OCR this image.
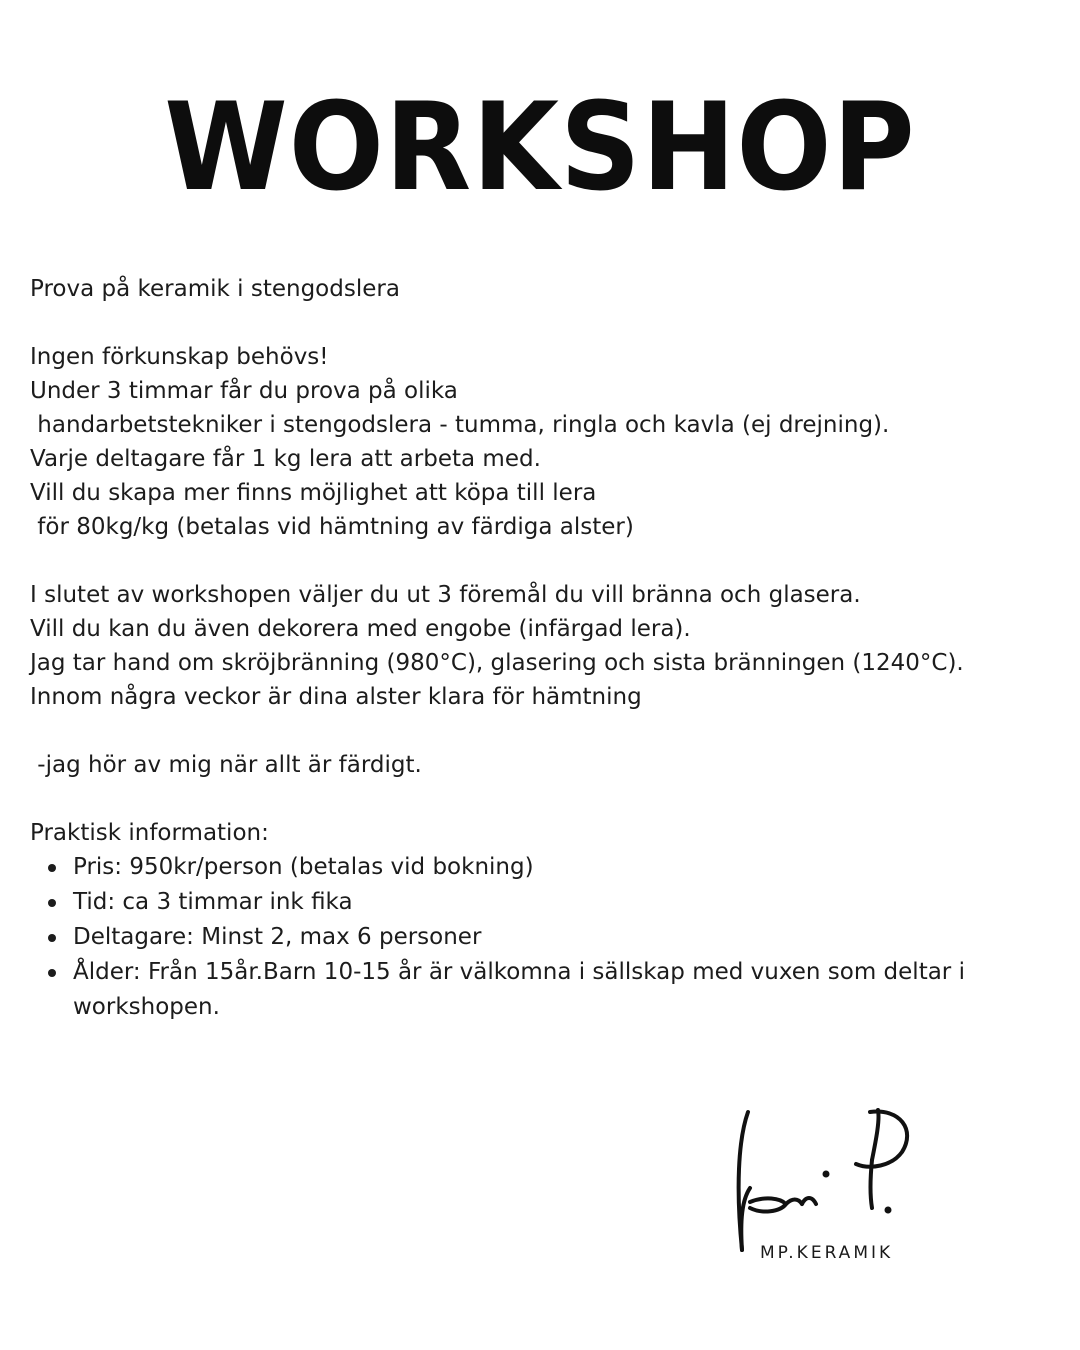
WORKSHOP
Prova på keramik i stengodslera
Ingen förkunskap behövs!
Under 3 timmar får du prova på olika
handarbetstekniker i stengodslera - tumma, ringla och kavla (ej drejning).
Varje deltagare får 1 kg lera att arbeta med.
Vill du skapa mer finns möjlighet att köpa till lera
för 80kg/kg (betalas vid hämtning av färdiga alster)
I slutet av workshopen väljer du ut 3 föremål du vill bränna och glasera.
Vill du kan du även dekorera med engobe (infärgad lera).
Jag tar hand om skröjbränning (980°C), glasering och sista bränningen (1240°C).
Innom några veckor är dina alster klara för hämtning
-jag hör av mig när allt är färdigt.
Praktisk information:
Pris: 950kr/person (betalas vid bokning)
Tid: ca 3 timmar ink fika
Deltagare: Minst 2, max 6 personer
Ålder: Från 15år.Barn 10-15 år är välkomna i sällskap med vuxen som deltar i workshopen.
MP.KERAMIK
